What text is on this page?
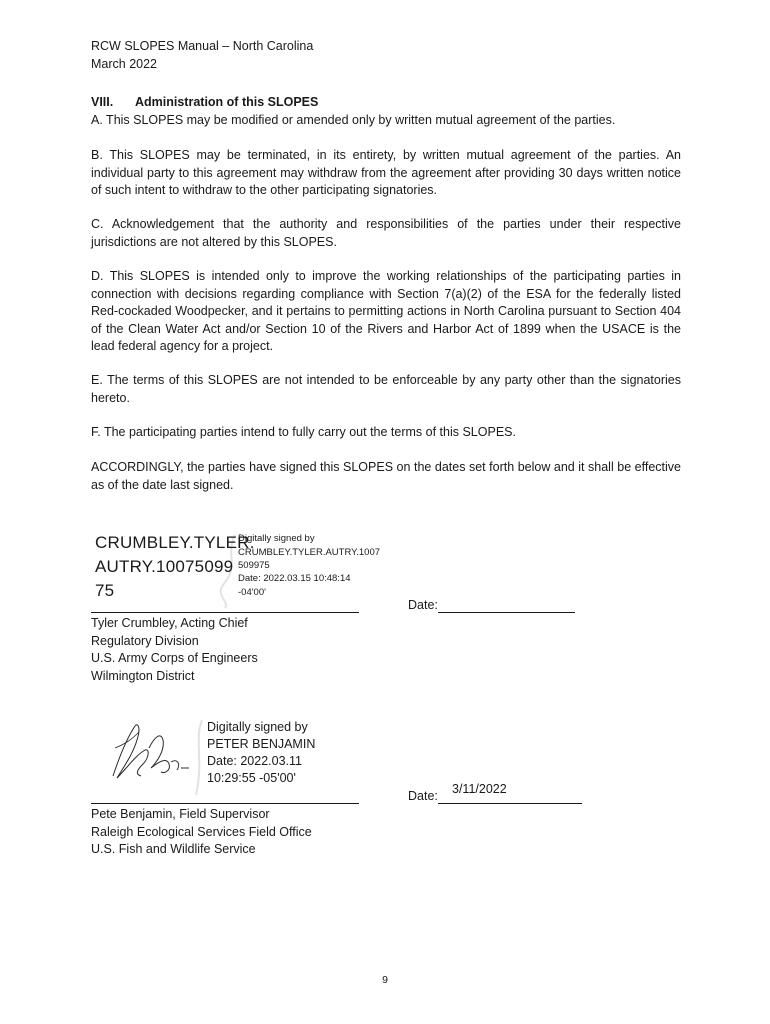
RCW SLOPES Manual – North Carolina
March 2022
VIII. Administration of this SLOPES
A. This SLOPES may be modified or amended only by written mutual agreement of the parties.
B. This SLOPES may be terminated, in its entirety, by written mutual agreement of the parties. An individual party to this agreement may withdraw from the agreement after providing 30 days written notice of such intent to withdraw to the other participating signatories.
C. Acknowledgement that the authority and responsibilities of the parties under their respective jurisdictions are not altered by this SLOPES.
D. This SLOPES is intended only to improve the working relationships of the participating parties in connection with decisions regarding compliance with Section 7(a)(2) of the ESA for the federally listed Red-cockaded Woodpecker, and it pertains to permitting actions in North Carolina pursuant to Section 404 of the Clean Water Act and/or Section 10 of the Rivers and Harbor Act of 1899 when the USACE is the lead federal agency for a project.
E. The terms of this SLOPES are not intended to be enforceable by any party other than the signatories hereto.
F. The participating parties intend to fully carry out the terms of this SLOPES.
ACCORDINGLY, the parties have signed this SLOPES on the dates set forth below and it shall be effective as of the date last signed.
CRUMBLEY.TYLER.
AUTRY.10075099
75
Digitally signed by
CRUMBLEY.TYLER.AUTRY.1007
509975
Date: 2022.03.15 10:48:14
-04'00'
Date:
Tyler Crumbley, Acting Chief
Regulatory Division
U.S. Army Corps of Engineers
Wilmington District
Digitally signed by
PETER BENJAMIN
Date: 2022.03.11
10:29:55 -05'00'
Date: 3/11/2022
Pete Benjamin, Field Supervisor
Raleigh Ecological Services Field Office
U.S. Fish and Wildlife Service
9
